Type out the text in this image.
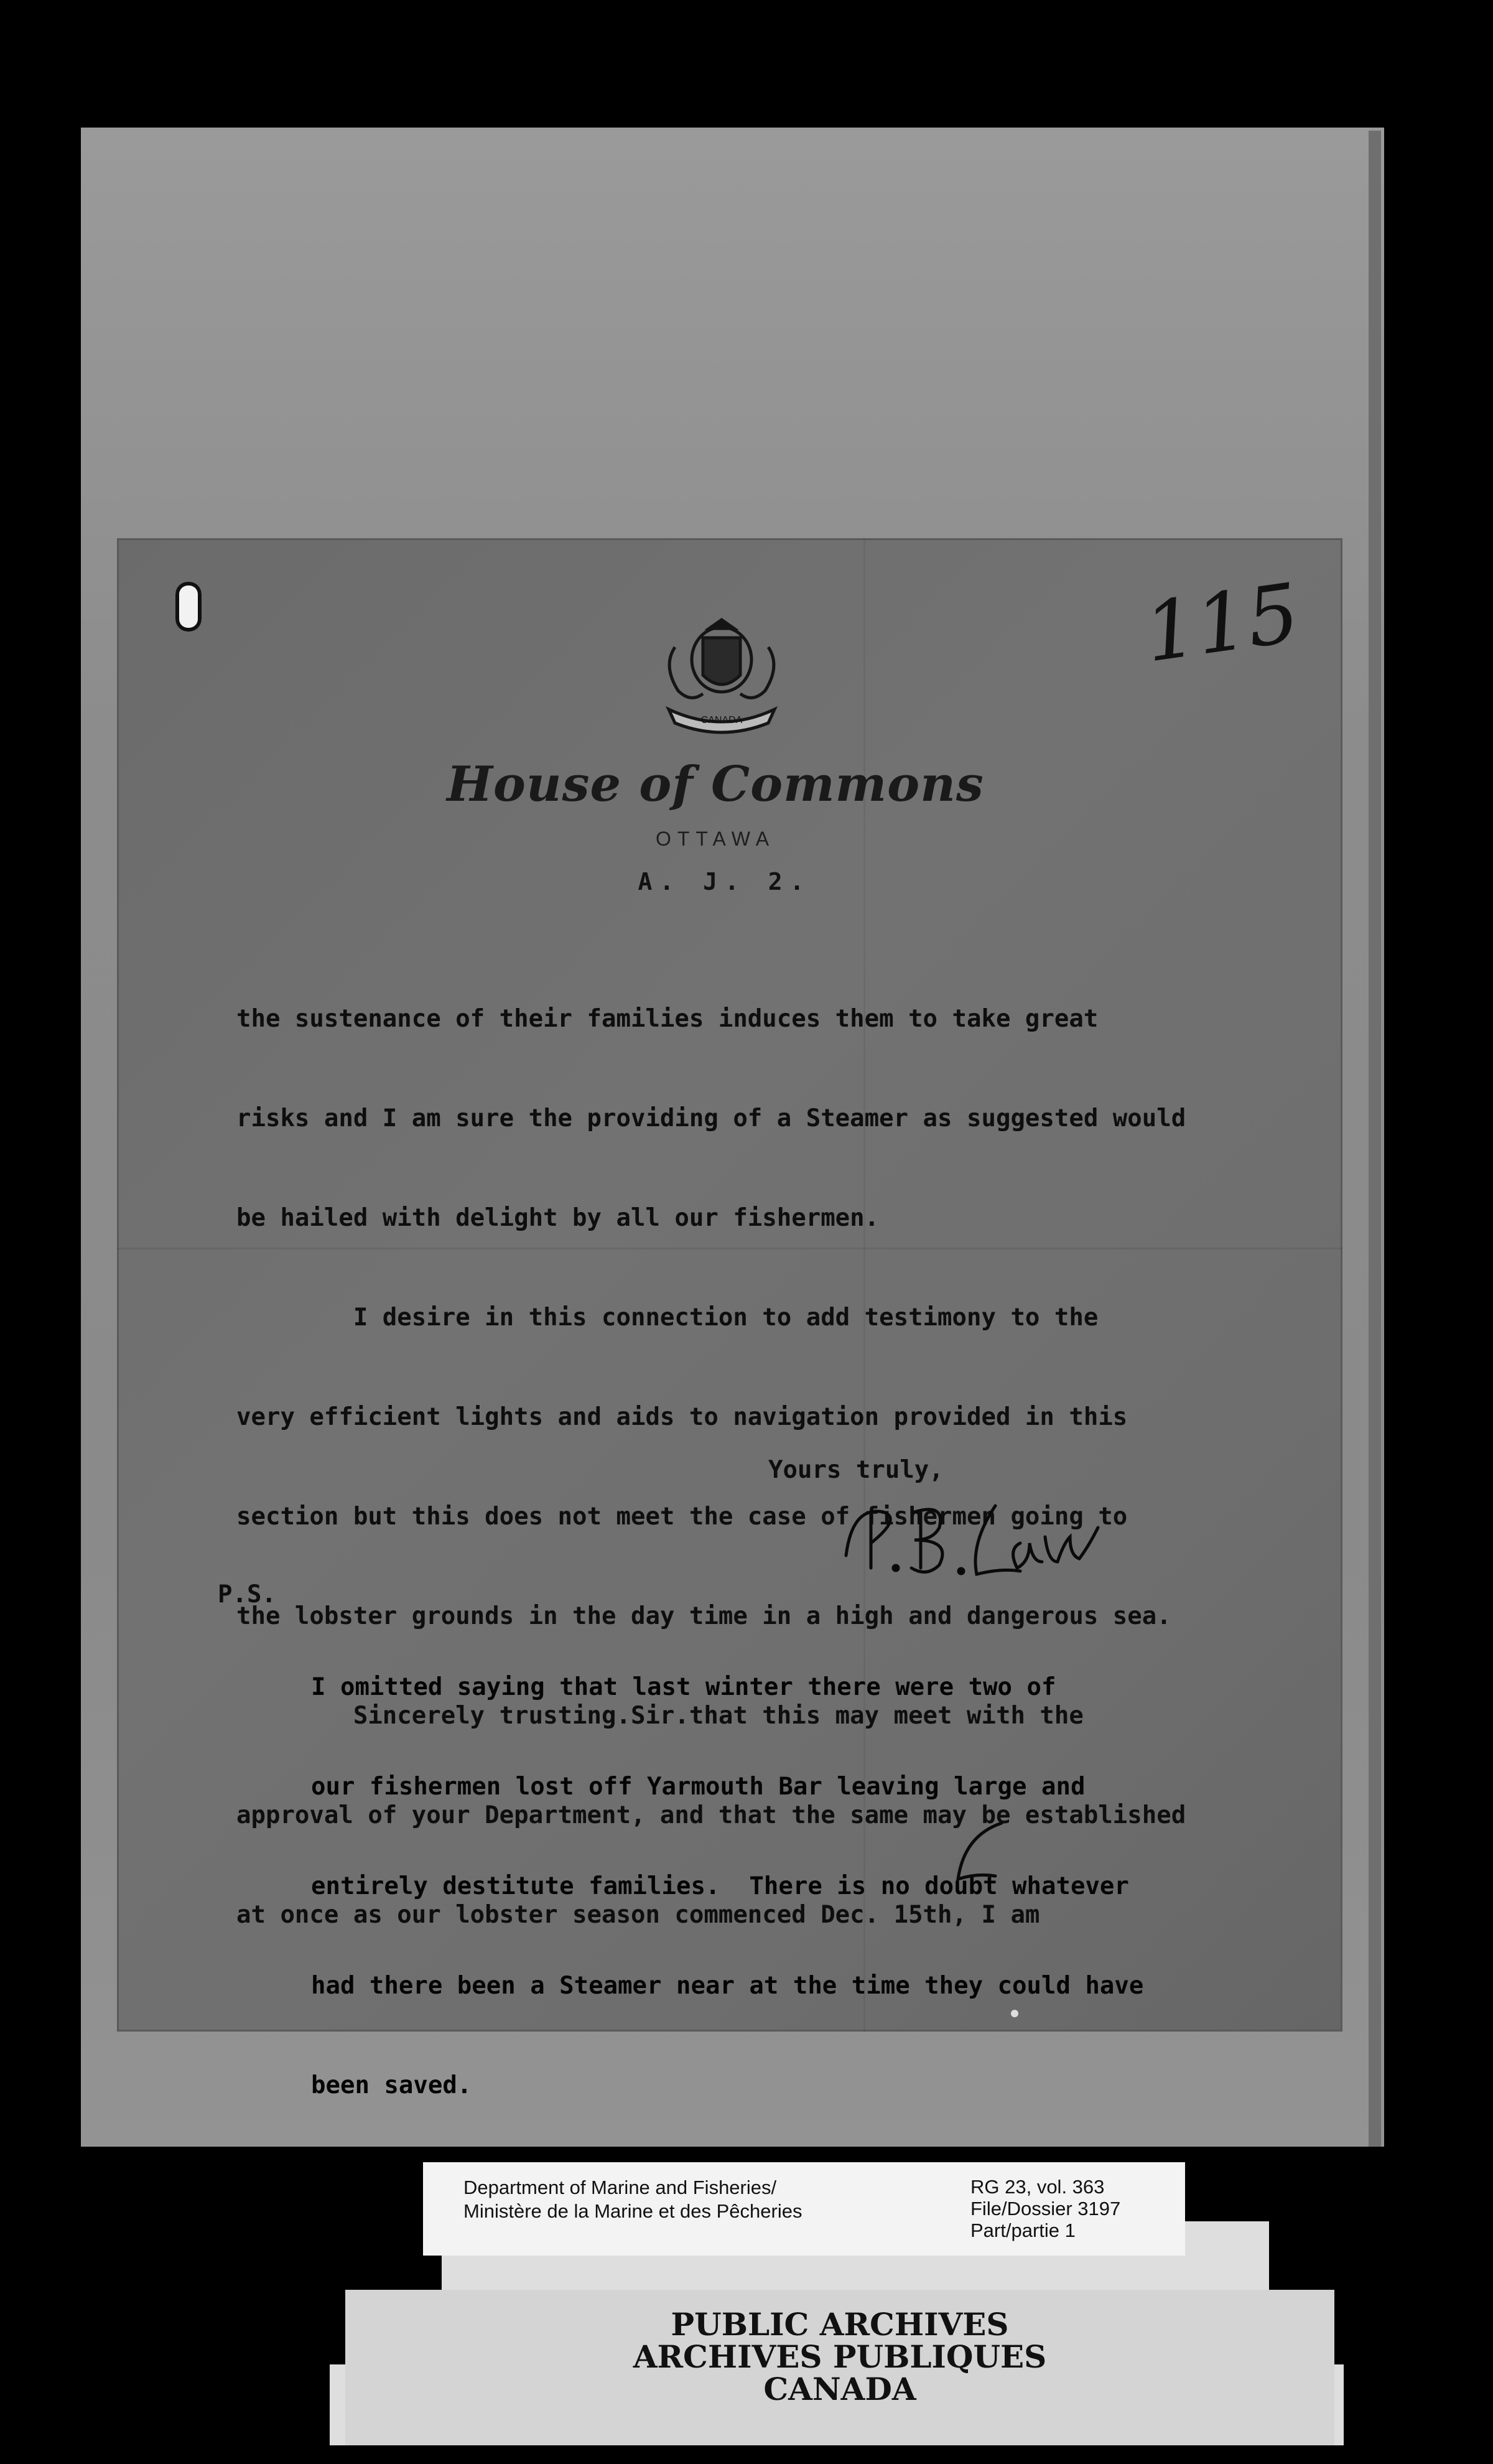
115
CANADA
House of Commons
OTTAWA
A. J. 2.

the sustenance of their families induces them to take great

risks and I am sure the providing of a Steamer as suggested would

be hailed with delight by all our fishermen.

I desire in this connection to add testimony to the

very efficient lights and aids to navigation provided in this

section but this does not meet the case of fishermen going to

the lobster grounds in the day time in a high and dangerous sea.

Sincerely trusting.Sir.that this may meet with the

approval of your Department, and that the same may be established

at once as our lobster season commenced Dec. 15th, I am

Yours truly,
P.S.

I omitted saying that last winter there were two of

our fishermen lost off Yarmouth Bar leaving large and

entirely destitute families.  There is no doubt whatever

had there been a Steamer near at the time they could have

been saved.

Department of Marine and Fisheries/
Ministère de la Marine et des Pêcheries
RG 23, vol. 363
File/Dossier 3197
Part/partie 1
PUBLIC ARCHIVES
ARCHIVES PUBLIQUES
CANADA
